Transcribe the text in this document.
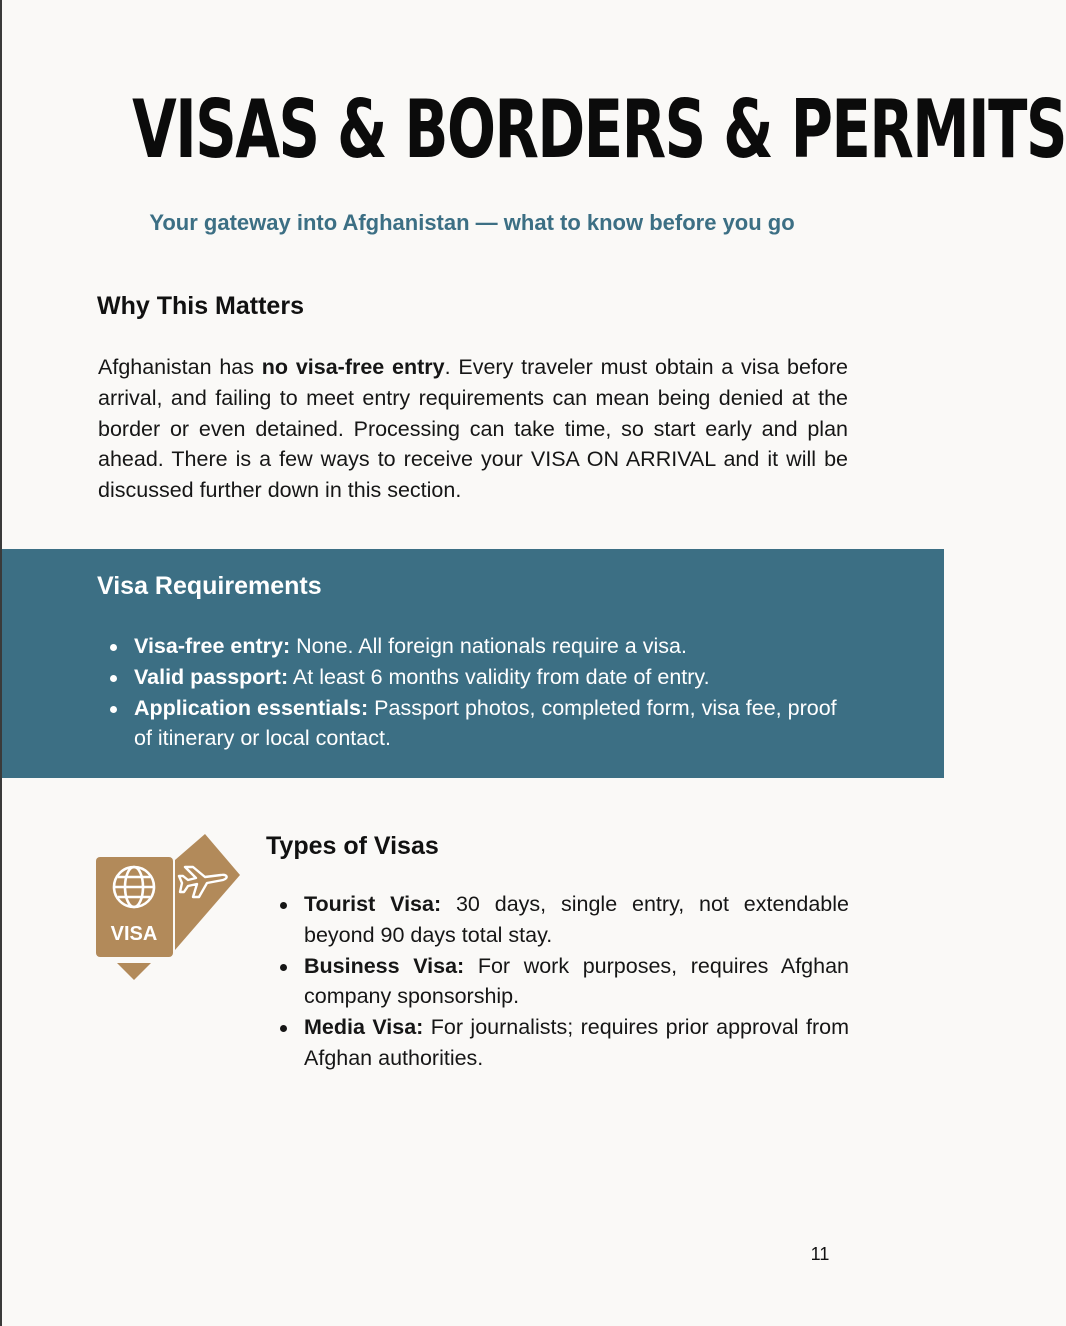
VISAS & BORDERS & PERMITS
Your gateway into Afghanistan — what to know before you go
Why This Matters

Afghanistan has no visa-free entry. Every traveler must obtain a visa before arrival, and failing to meet entry requirements can mean being denied at the border or even detained. Processing can take time, so start early and plan ahead. There is a few ways to receive your VISA ON ARRIVAL and it will be discussed further down in this section.

Visa Requirements
Visa-free entry: None. All foreign nationals require a visa.
Valid passport: At least 6 months validity from date of entry.
Application essentials: Passport photos, completed form, visa fee, proof of itinerary or local contact.
VISA
Types of Visas
Tourist Visa: 30 days, single entry, not extendable beyond 90 days total stay.
Business Visa: For work purposes, requires Afghan company sponsorship.
Media Visa: For journalists; requires prior approval from Afghan authorities.
11
